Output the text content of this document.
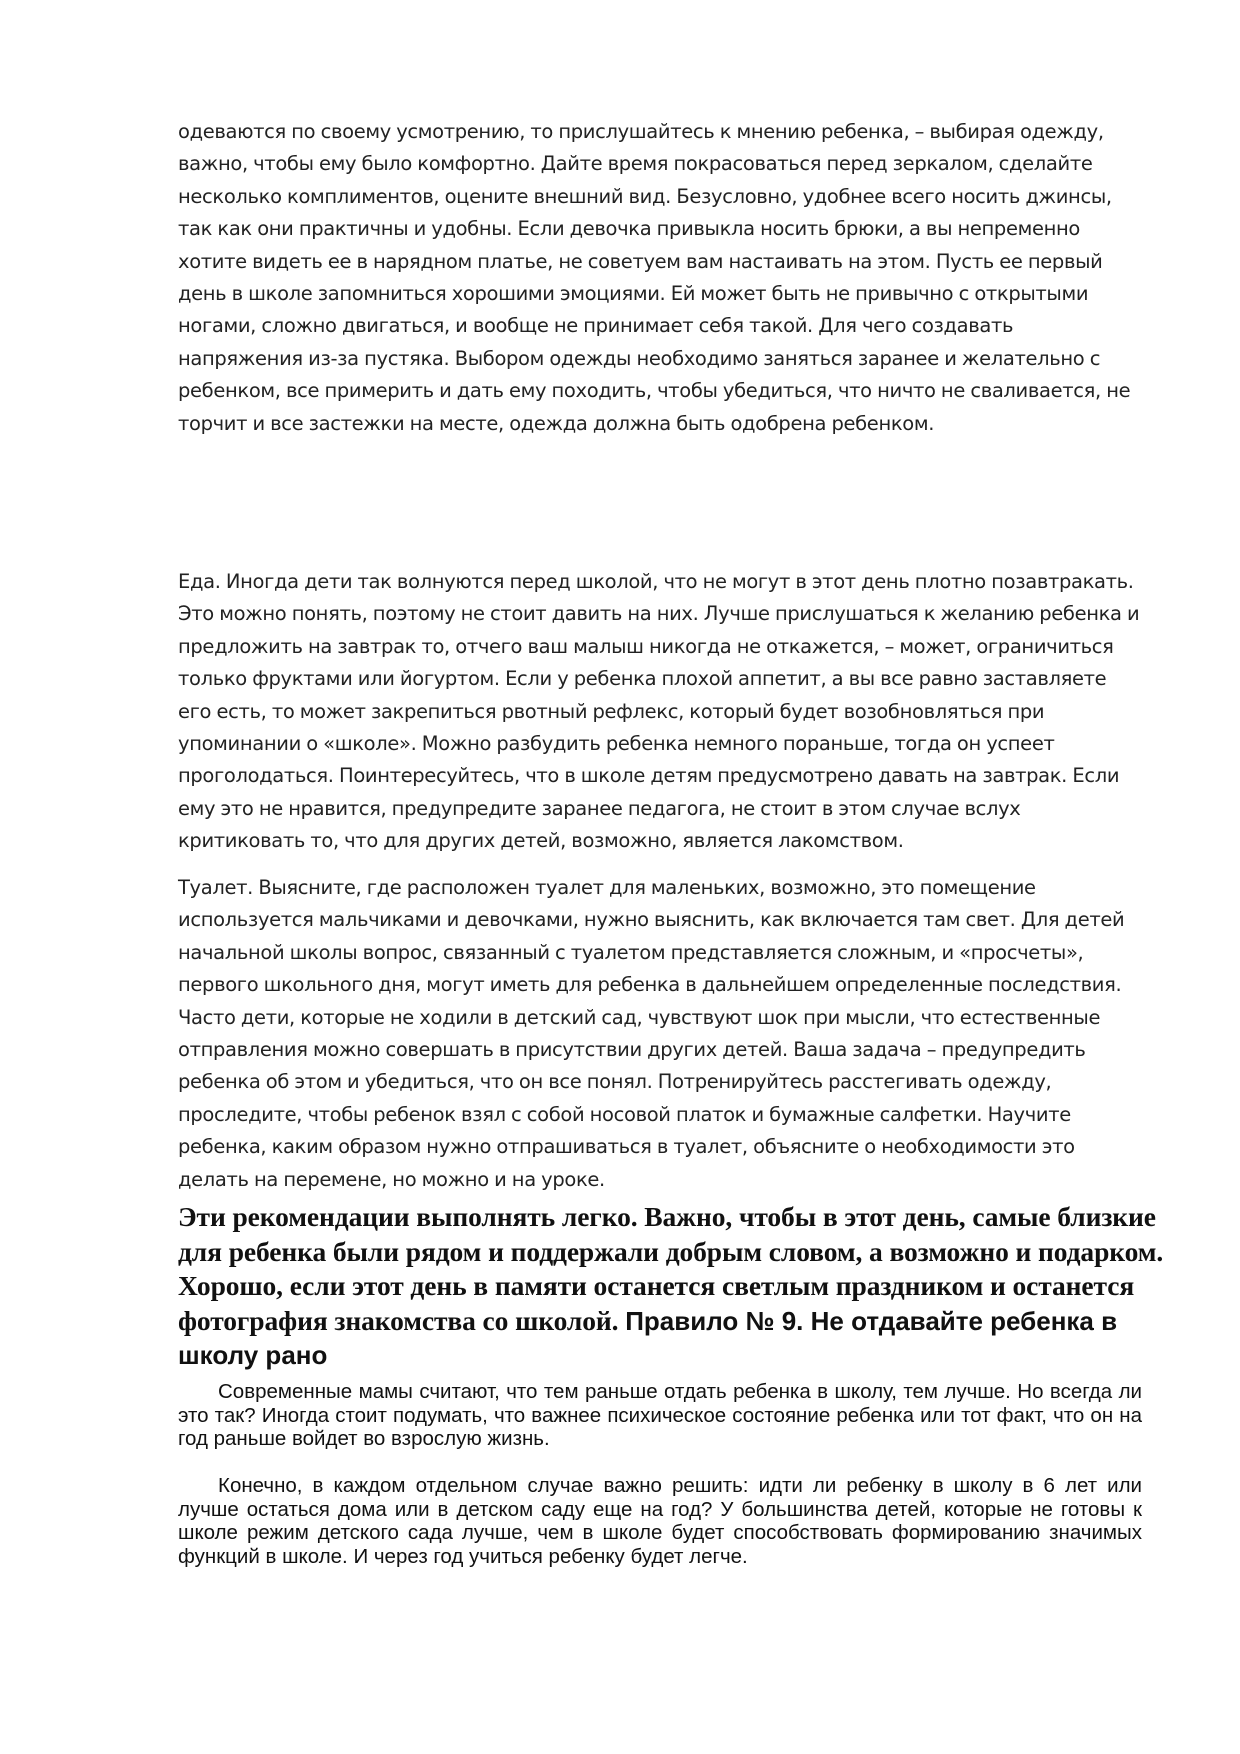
одеваются по своему усмотрению, то прислушайтесь к мнению ребенка, – выбирая одежду, важно, чтобы ему было комфортно. Дайте время покрасоваться перед зеркалом, сделайте несколько комплиментов, оцените внешний вид. Безусловно, удобнее всего носить джинсы, так как они практичны и удобны. Если девочка привыкла носить брюки, а вы непременно хотите видеть ее в нарядном платье, не советуем вам настаивать на этом. Пусть ее первый день в школе запомниться хорошими эмоциями. Ей может быть не привычно с открытыми ногами, сложно двигаться, и вообще не принимает себя такой. Для чего создавать напряжения из-за пустяка. Выбором одежды необходимо заняться заранее и желательно с ребенком, все примерить и дать ему походить, чтобы убедиться, что ничто не сваливается, не торчит и все застежки на месте, одежда должна быть одобрена ребенком.

Еда. Иногда дети так волнуются перед школой, что не могут в этот день плотно позавтракать. Это можно понять, поэтому не стоит давить на них. Лучше прислушаться к желанию ребенка и предложить на завтрак то, отчего ваш малыш никогда не откажется, – может, ограничиться только фруктами или йогуртом. Если у ребенка плохой аппетит, а вы все равно заставляете его есть, то может закрепиться рвотный рефлекс, который будет возобновляться при упоминании о «школе». Можно разбудить ребенка немного пораньше, тогда он успеет проголодаться. Поинтересуйтесь, что в школе детям предусмотрено давать на завтрак. Если ему это не нравится, предупредите заранее педагога, не стоит в этом случае вслух критиковать то, что для других детей, возможно, является лакомством.

Туалет. Выясните, где расположен туалет для маленьких, возможно, это помещение используется мальчиками и девочками, нужно выяснить, как включается там свет. Для детей начальной школы вопрос, связанный с туалетом представляется сложным, и «просчеты», первого школьного дня, могут иметь для ребенка в дальнейшем определенные последствия. Часто дети, которые не ходили в детский сад, чувствуют шок при мысли, что естественные отправления можно совершать в присутствии других детей. Ваша задача – предупредить ребенка об этом и убедиться, что он все понял. Потренируйтесь расстегивать одежду, проследите, чтобы ребенок взял с собой носовой платок и бумажные салфетки. Научите ребенка, каким образом нужно отпрашиваться в туалет, объясните о необходимости это делать на перемене, но можно и на уроке.

Эти рекомендации выполнять легко. Важно, чтобы в этот день, самые близкие для ребенка были рядом и поддержали добрым словом, а возможно и подарком. Хорошо, если этот день в памяти останется светлым праздником и останется фотография знакомства со школой. Правило № 9. Не отдавайте ребенка в школу рано

Современные мамы считают, что тем раньше отдать ребенка в школу, тем лучше. Но всегда ли это так? Иногда стоит подумать, что важнее психическое состояние ребенка или тот факт, что он на год раньше войдет во взрослую жизнь.

Конечно, в каждом отдельном случае важно решить: идти ли ребенку в школу в 6 лет или лучше остаться дома или в детском саду еще на год? У большинства детей, которые не готовы к школе режим детского сада лучше, чем в школе будет способствовать формированию значимых функций в школе. И через год учиться ребенку будет легче.
